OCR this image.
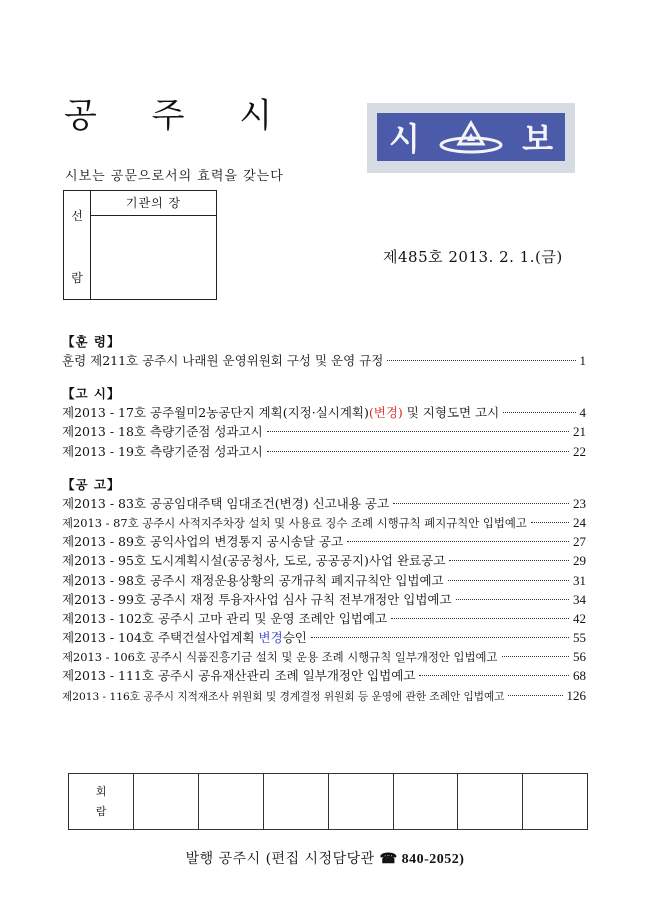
공 주 시
시	보
시보는 공문으로서의 효력을 갖는다
선
람
기관의 장
제485호 2013. 2. 1.(금)
【훈 령】
훈령 제211호 공주시 나래원 운영위원회 구성 및 운영 규정	1
【고 시】
제2013 - 17호 공주월미2농공단지 계획(지정·실시계획)(변경) 및 지형도면 고시	4
제2013 - 18호 측량기준점 성과고시	21
제2013 - 19호 측량기준점 성과고시	22
【공 고】
제2013 - 83호 공공임대주택 임대조건(변경) 신고내용 공고	23
제2013 - 87호 공주시 사적지주차장 설치 및 사용료 징수 조례 시행규칙 폐지규칙안 입법예고	24
제2013 - 89호 공익사업의 변경통지 공시송달 공고	27
제2013 - 95호 도시계획시설(공공청사, 도로, 공공공지)사업 완료공고	29
제2013 - 98호 공주시 재정운용상황의 공개규칙 폐지규칙안 입법예고	31
제2013 - 99호 공주시 재정 투융자사업 심사 규칙 전부개정안 입법예고	34
제2013 - 102호 공주시 고마 관리 및 운영 조례안 입법예고	42
제2013 - 104호 주택건설사업계획 변경승인	55
제2013 - 106호 공주시 식품진흥기금 설치 및 운용 조례 시행규칙 일부개정안 입법예고	56
제2013 - 111호 공주시 공유재산관리 조례 일부개정안 입법예고	68
제2013 - 116호 공주시 지적재조사 위원회 및 경계결정 위원회 등 운영에 관한 조례안 입법예고	126
회
람							
발행 공주시 (편집 시정담당관 ☎ 840-2052)
